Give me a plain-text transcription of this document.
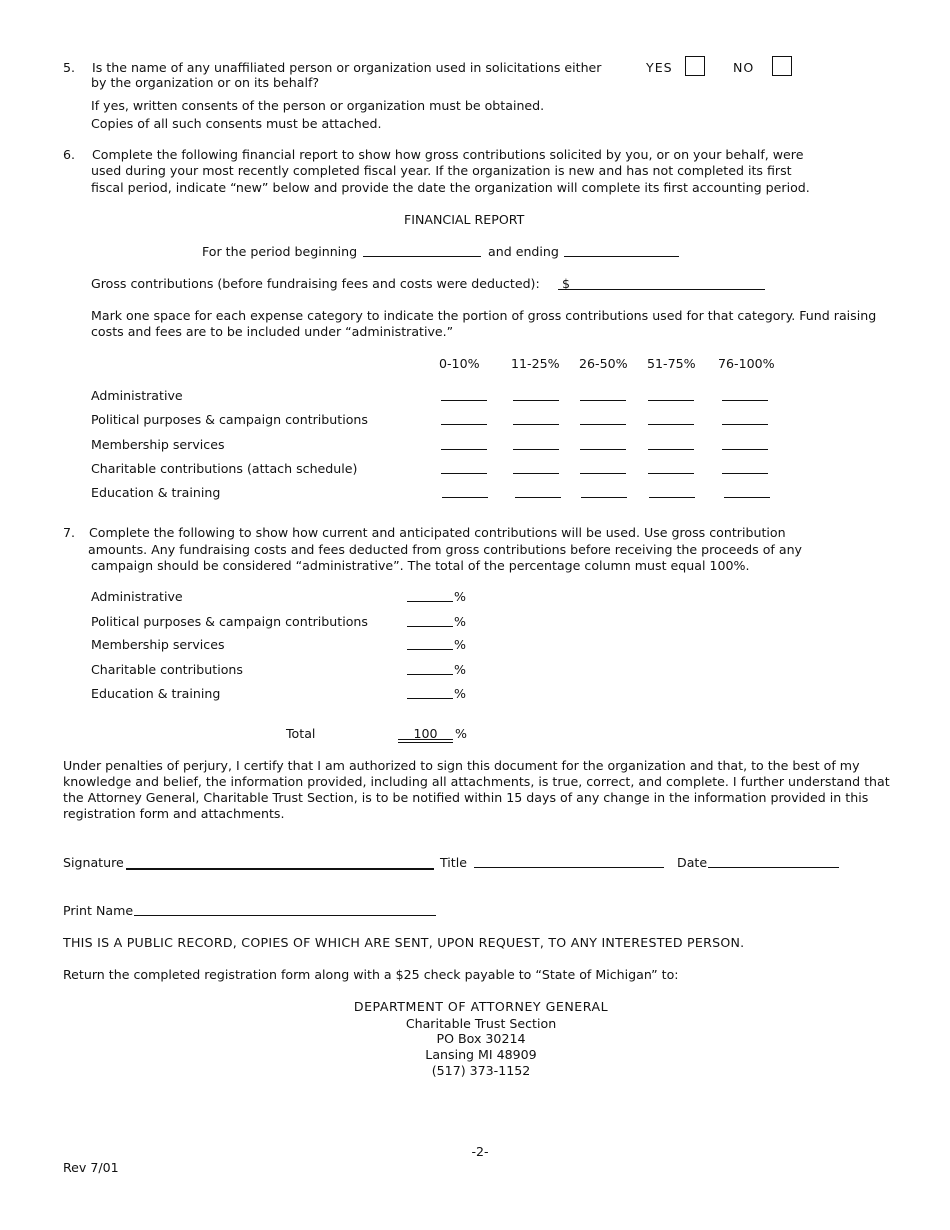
5. Is the name of any unaffiliated person or organization used in solicitations either
by the organization or on its behalf?
YES	NO
If yes, written consents of the person or organization must be obtained.
Copies of all such consents must be attached.
6. Complete the following financial report to show how gross contributions solicited by you, or on your behalf, were
used during your most recently completed fiscal year. If the organization is new and has not completed its first
fiscal period, indicate “new” below and provide the date the organization will complete its first accounting period.
FINANCIAL REPORT
For the period beginning	and ending
Gross contributions (before fundraising fees and costs were deducted): $
Mark one space for each expense category to indicate the portion of gross contributions used for that category. Fund raising
costs and fees are to be included under “administrative.”
0-10% 11-25% 26-50% 51-75% 76-100%
Administrative
Political purposes & campaign contributions
Membership services
Charitable contributions (attach schedule)
Education & training
7. Complete the following to show how current and anticipated contributions will be used. Use gross contribution
amounts. Any fundraising costs and fees deducted from gross contributions before receiving the proceeds of any
campaign should be considered “administrative”. The total of the percentage column must equal 100%.
Administrative	%
Political purposes & campaign contributions	%
Membership services	%
Charitable contributions	%
Education & training	%
Total	100	%
Under penalties of perjury, I certify that I am authorized to sign this document for the organization and that, to the best of my
knowledge and belief, the information provided, including all attachments, is true, correct, and complete. I further understand that
the Attorney General, Charitable Trust Section, is to be notified within 15 days of any change in the information provided in this
registration form and attachments.
Signature	Title	Date
Print Name
THIS IS A PUBLIC RECORD, COPIES OF WHICH ARE SENT, UPON REQUEST, TO ANY INTERESTED PERSON.
Return the completed registration form along with a $25 check payable to “State of Michigan” to:
DEPARTMENT OF ATTORNEY GENERAL
Charitable Trust Section
PO Box 30214
Lansing MI 48909
(517) 373-1152
-2-
Rev 7/01
